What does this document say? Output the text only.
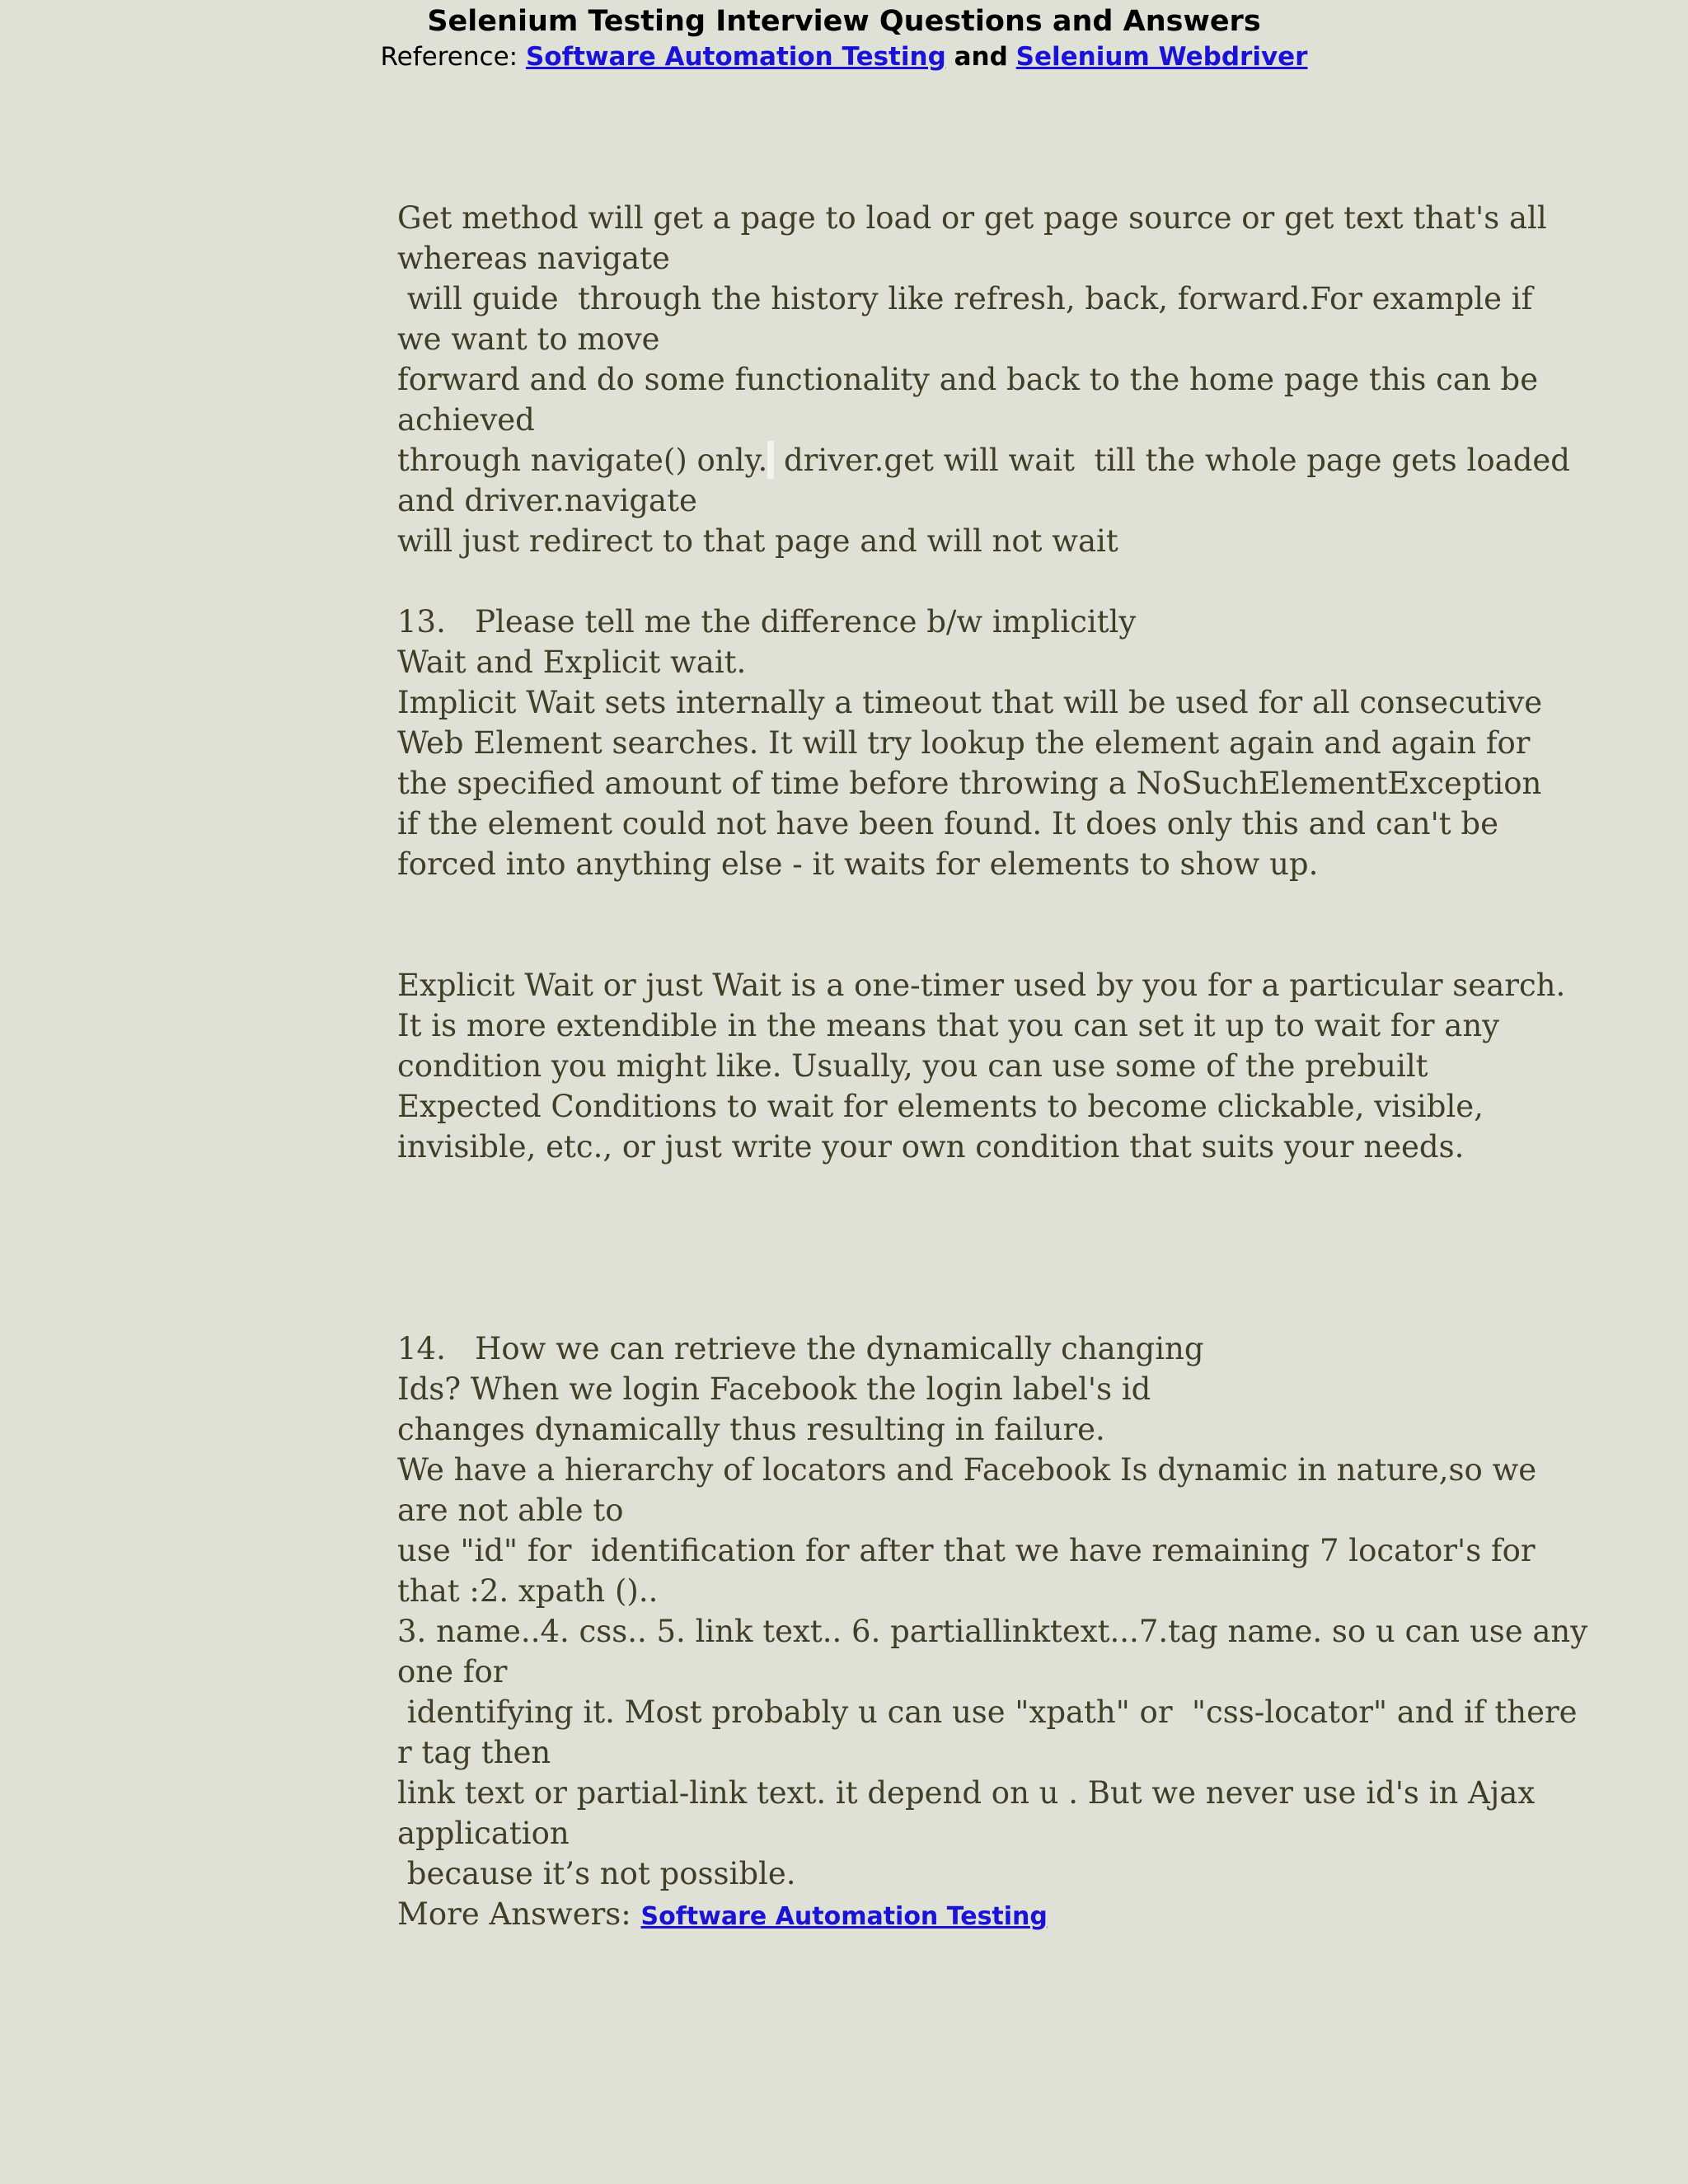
Selenium Testing Interview Questions and Answers
Reference: Software Automation Testing and Selenium Webdriver
Get method will get a page to load or get page source or get text that's all
whereas navigate
will guide  through the history like refresh, back, forward.For example if
we want to move
forward and do some functionality and back to the home page this can be
achieved
through navigate() only. driver.get will wait  till the whole page gets loaded
and driver.navigate
will just redirect to that page and will not wait
13.   Please tell me the difference b/w implicitly
Wait and Explicit wait.
Implicit Wait sets internally a timeout that will be used for all consecutive
Web Element searches. It will try lookup the element again and again for
the specified amount of time before throwing a NoSuchElementException
if the element could not have been found. It does only this and can't be
forced into anything else - it waits for elements to show up.
Explicit Wait or just Wait is a one-timer used by you for a particular search.
It is more extendible in the means that you can set it up to wait for any
condition you might like. Usually, you can use some of the prebuilt
Expected Conditions to wait for elements to become clickable, visible,
invisible, etc., or just write your own condition that suits your needs.
14.   How we can retrieve the dynamically changing
Ids? When we login Facebook the login label's id
changes dynamically thus resulting in failure.
We have a hierarchy of locators and Facebook Is dynamic in nature,so we
are not able to
use "id" for  identification for after that we have remaining 7 locator's for
that :2. xpath ()..
3. name..4. css.. 5. link text.. 6. partiallinktext...7.tag name. so u can use any
one for
identifying it. Most probably u can use "xpath" or  "css-locator" and if there
r tag then
link text or partial-link text. it depend on u . But we never use id's in Ajax
application
because it’s not possible.
More Answers: Software Automation Testing
